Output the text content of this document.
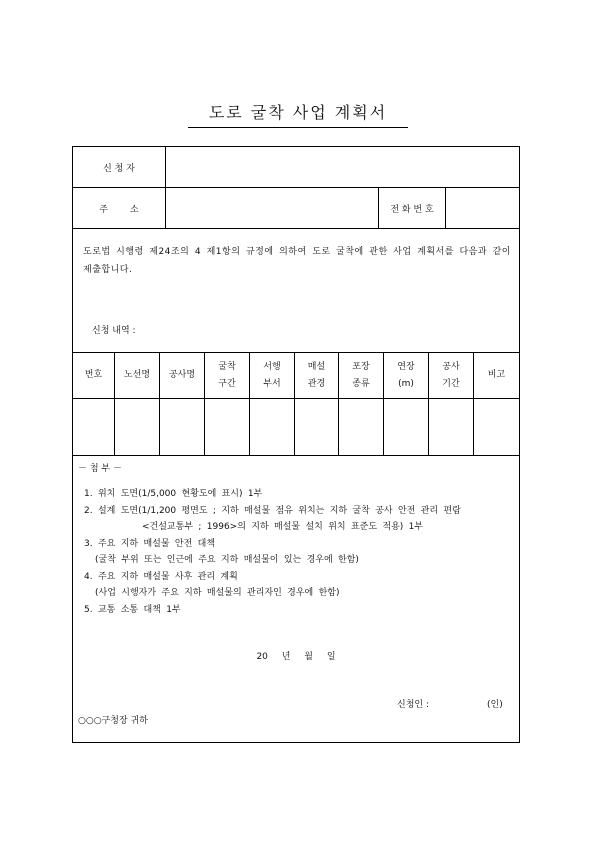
도로 굴착 사업 계획서
신 청 자
주 소	전 화 번 호

도로법 시행령 제24조의 4 제1항의 규정에 의하여 도로 굴착에 관한 사업 계획서를 다음과 같이 제출합니다.

신청 내역 :
번호 노선명 공사명
굴착
구간
서행
부서
매설
관경
포장
종류
연장
(m)
공사
기간
비고
－ 첨 부 －
1. 위치 도면(1/5,000 현황도에 표시) 1부
2. 설계 도면(1/1,200 평면도 ; 지하 매설물 점유 위치는 지하 굴착 공사 안전 관리 편람
<건설교통부 ; 1996>의 지하 매설물 설치 위치 표준도 적용) 1부
3. 주요 지하 매설물 안전 대책
(굴착 부위 또는 인근에 주요 지하 매설물이 있는 경우에 한함)
4. 주요 지하 매설물 사후 관리 계획
(사업 시행자가 주요 지하 매설물의 관리자인 경우에 한함)
5. 교통 소통 대책 1부
20 년 월 일
신청인 :	(인)
○○○구청장 귀하
